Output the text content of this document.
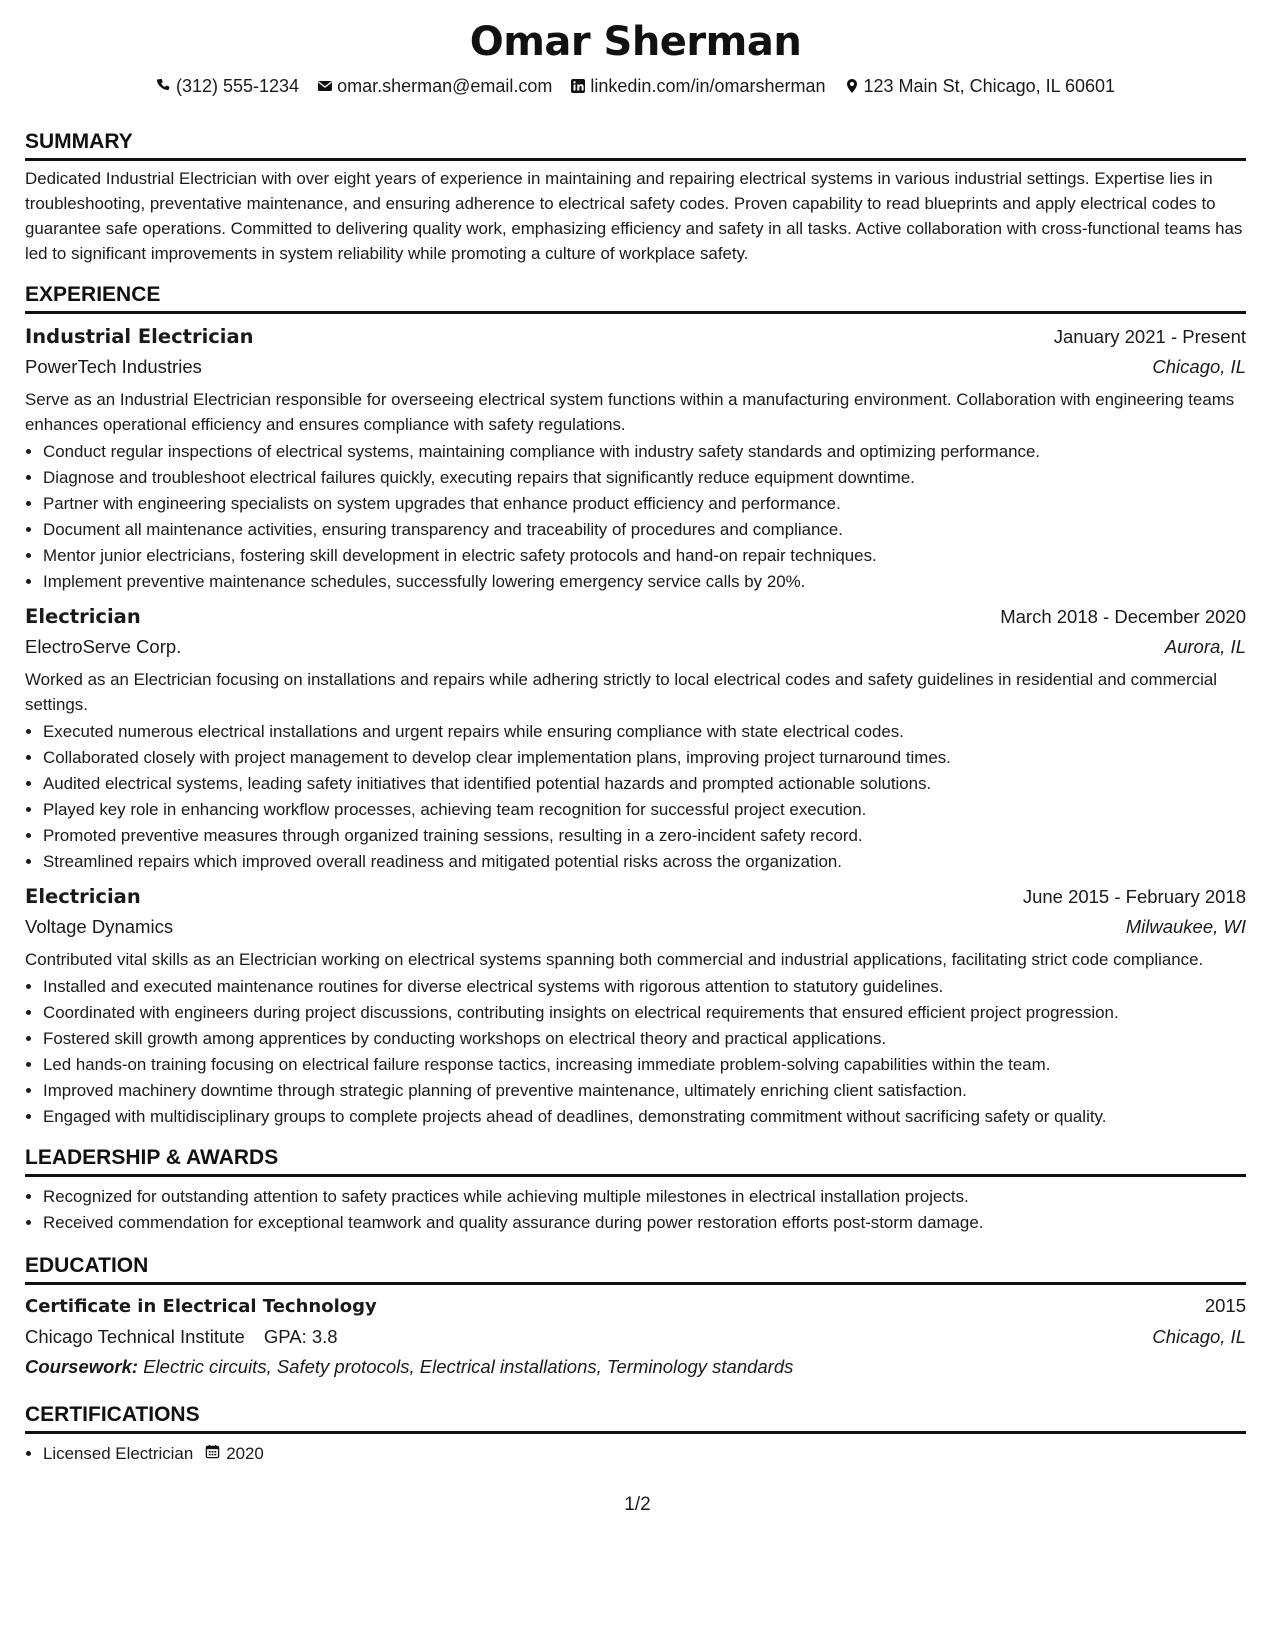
Omar Sherman
(312) 555-1234 omar.sherman@email.com linkedin.com/in/omarsherman 123 Main St, Chicago, IL 60601
SUMMARY

Dedicated Industrial Electrician with over eight years of experience in maintaining and repairing electrical systems in various industrial settings. Expertise lies in troubleshooting, preventative maintenance, and ensuring adherence to electrical safety codes. Proven capability to read blueprints and apply electrical codes to guarantee safe operations. Committed to delivering quality work, emphasizing efficiency and safety in all tasks. Active collaboration with cross-functional teams has led to significant improvements in system reliability while promoting a culture of workplace safety.

EXPERIENCE
Industrial Electrician	January 2021 - Present
PowerTech Industries	Chicago, IL

Serve as an Industrial Electrician responsible for overseeing electrical system functions within a manufacturing environment. Collaboration with engineering teams enhances operational efficiency and ensures compliance with safety regulations.

• Conduct regular inspections of electrical systems, maintaining compliance with industry safety standards and optimizing performance.
• Diagnose and troubleshoot electrical failures quickly, executing repairs that significantly reduce equipment downtime.
• Partner with engineering specialists on system upgrades that enhance product efficiency and performance.
• Document all maintenance activities, ensuring transparency and traceability of procedures and compliance.
• Mentor junior electricians, fostering skill development in electric safety protocols and hand-on repair techniques.
• Implement preventive maintenance schedules, successfully lowering emergency service calls by 20%.
Electrician	March 2018 - December 2020
ElectroServe Corp.	Aurora, IL

Worked as an Electrician focusing on installations and repairs while adhering strictly to local electrical codes and safety guidelines in residential and commercial settings.

• Executed numerous electrical installations and urgent repairs while ensuring compliance with state electrical codes.
• Collaborated closely with project management to develop clear implementation plans, improving project turnaround times.
• Audited electrical systems, leading safety initiatives that identified potential hazards and prompted actionable solutions.
• Played key role in enhancing workflow processes, achieving team recognition for successful project execution.
• Promoted preventive measures through organized training sessions, resulting in a zero-incident safety record.
• Streamlined repairs which improved overall readiness and mitigated potential risks across the organization.
Electrician	June 2015 - February 2018
Voltage Dynamics	Milwaukee, WI

Contributed vital skills as an Electrician working on electrical systems spanning both commercial and industrial applications, facilitating strict code compliance.

• Installed and executed maintenance routines for diverse electrical systems with rigorous attention to statutory guidelines.
• Coordinated with engineers during project discussions, contributing insights on electrical requirements that ensured efficient project progression.
• Fostered skill growth among apprentices by conducting workshops on electrical theory and practical applications.
• Led hands-on training focusing on electrical failure response tactics, increasing immediate problem-solving capabilities within the team.
• Improved machinery downtime through strategic planning of preventive maintenance, ultimately enriching client satisfaction.
• Engaged with multidisciplinary groups to complete projects ahead of deadlines, demonstrating commitment without sacrificing safety or quality.
LEADERSHIP & AWARDS
• Recognized for outstanding attention to safety practices while achieving multiple milestones in electrical installation projects.
• Received commendation for exceptional teamwork and quality assurance during power restoration efforts post-storm damage.
EDUCATION
Certificate in Electrical Technology	2015
Chicago Technical Institute GPA: 3.8	Chicago, IL
Coursework: Electric circuits, Safety protocols, Electrical installations, Terminology standards
CERTIFICATIONS
• Licensed Electrician 2020
1/2
